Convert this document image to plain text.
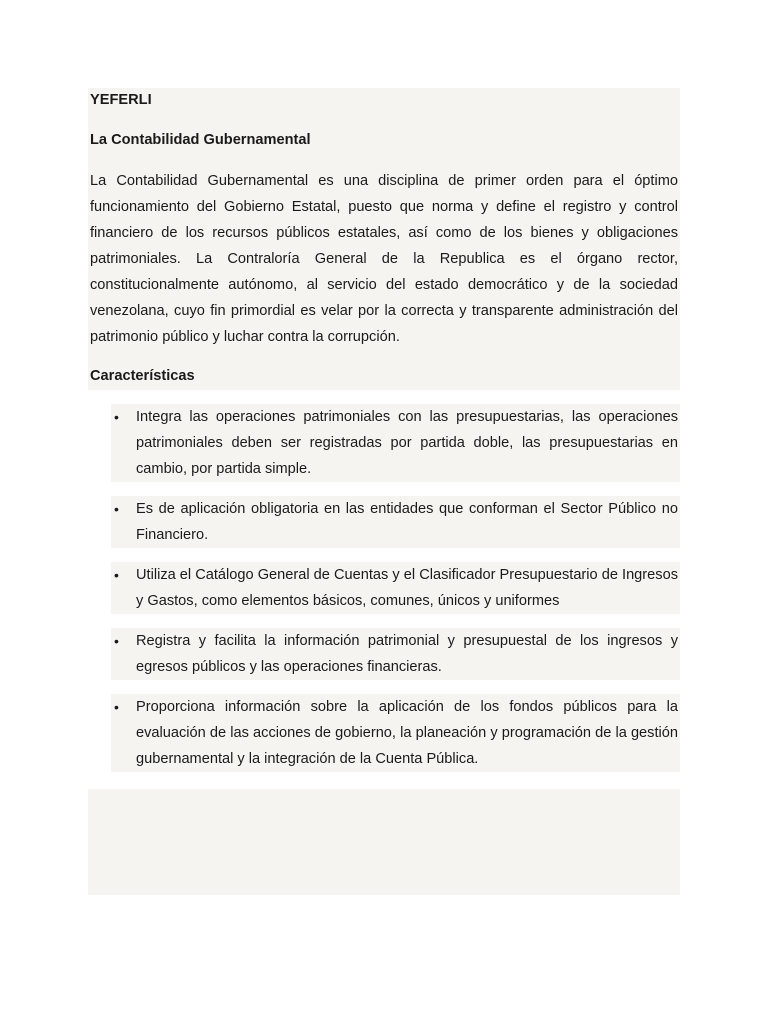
YEFERLI
La Contabilidad Gubernamental

La Contabilidad Gubernamental es una disciplina de primer orden para el óptimo funcionamiento del Gobierno Estatal, puesto que norma y define el registro y control financiero de los recursos públicos estatales, así como de los bienes y obligaciones patrimoniales. La Contraloría General de la Republica es el órgano rector, constitucionalmente autónomo, al servicio del estado democrático y de la sociedad venezolana, cuyo fin primordial es velar por la correcta y transparente administración del patrimonio público y luchar contra la corrupción.

Características
• Integra las operaciones patrimoniales con las presupuestarias, las operaciones patrimoniales deben ser registradas por partida doble, las presupuestarias en cambio, por partida simple.
• Es de aplicación obligatoria en las entidades que conforman el Sector Público no Financiero.
• Utiliza el Catálogo General de Cuentas y el Clasificador Presupuestario de Ingresos y Gastos, como elementos básicos, comunes, únicos y uniformes
• Registra y facilita la información patrimonial y presupuestal de los ingresos y egresos públicos y las operaciones financieras.
• Proporciona información sobre la aplicación de los fondos públicos para la evaluación de las acciones de gobierno, la planeación y programación de la gestión gubernamental y la integración de la Cuenta Pública.
